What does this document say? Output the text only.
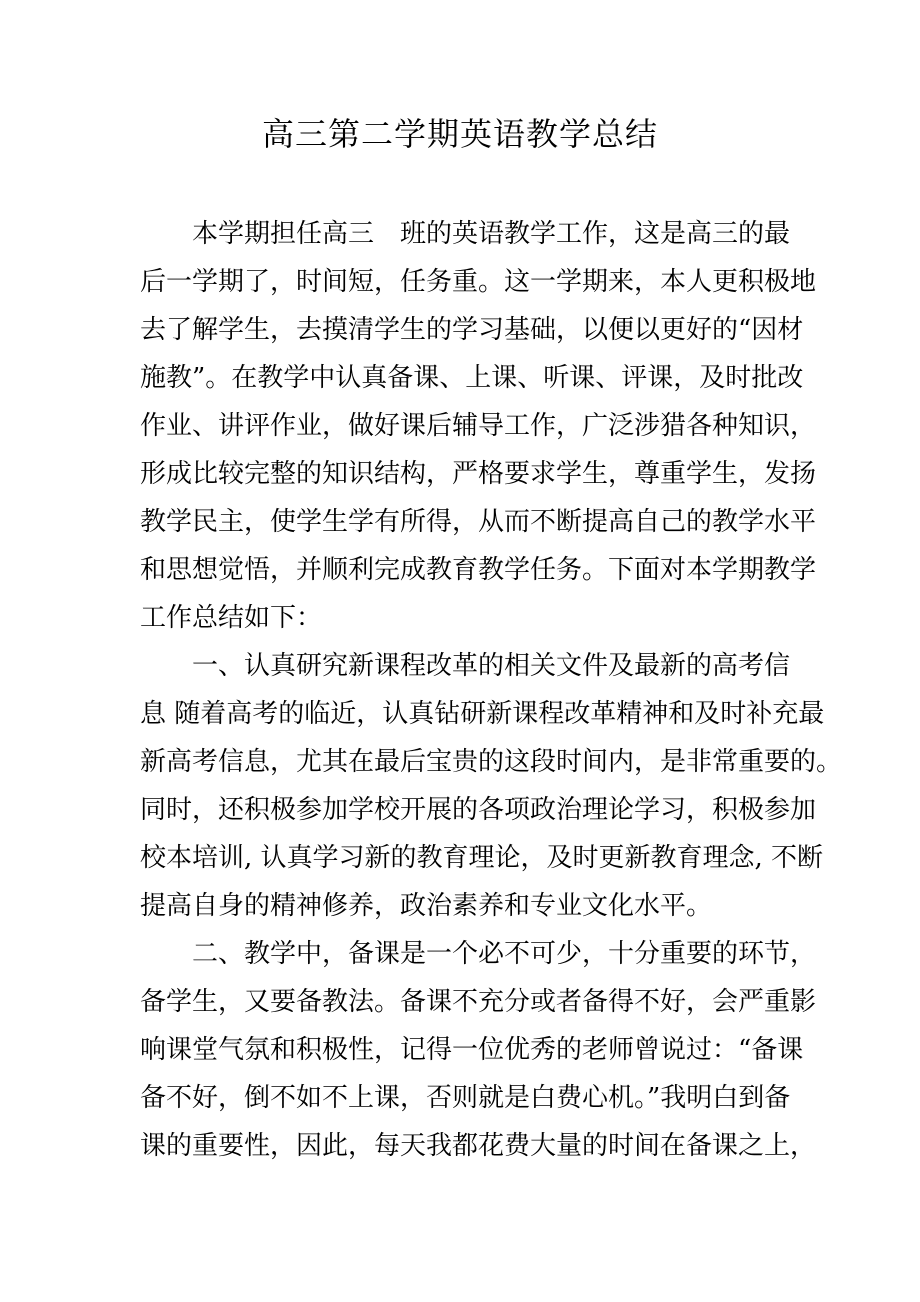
高三第二学期英语教学总结

　　本学期担任高三　班的英语教学工作，这是高三的最

后一学期了，时间短，任务重。这一学期来，本人更积极地

去了解学生，去摸清学生的学习基础，以便以更好的“因材

施教”。在教学中认真备课、上课、听课、评课，及时批改

作业、讲评作业，做好课后辅导工作，广泛涉猎各种知识，

形成比较完整的知识结构，严格要求学生，尊重学生，发扬

教学民主，使学生学有所得，从而不断提高自己的教学水平

和思想觉悟，并顺利完成教育教学任务。下面对本学期教学

工作总结如下：

　　一、认真研究新课程改革的相关文件及最新的高考信

息 随着高考的临近，认真钻研新课程改革精神和及时补充最

新高考信息，尤其在最后宝贵的这段时间内，是非常重要的。

同时，还积极参加学校开展的各项政治理论学习，积极参加

校本培训, 认真学习新的教育理论，及时更新教育理念, 不断

提高自身的精神修养，政治素养和专业文化水平。

　　二、教学中，备课是一个必不可少，十分重要的环节，

备学生，又要备教法。备课不充分或者备得不好，会严重影

响课堂气氛和积极性，记得一位优秀的老师曾说过：“备课

备不好，倒不如不上课，否则就是白费心机。”我明白到备

课的重要性，因此，每天我都花费大量的时间在备课之上，
